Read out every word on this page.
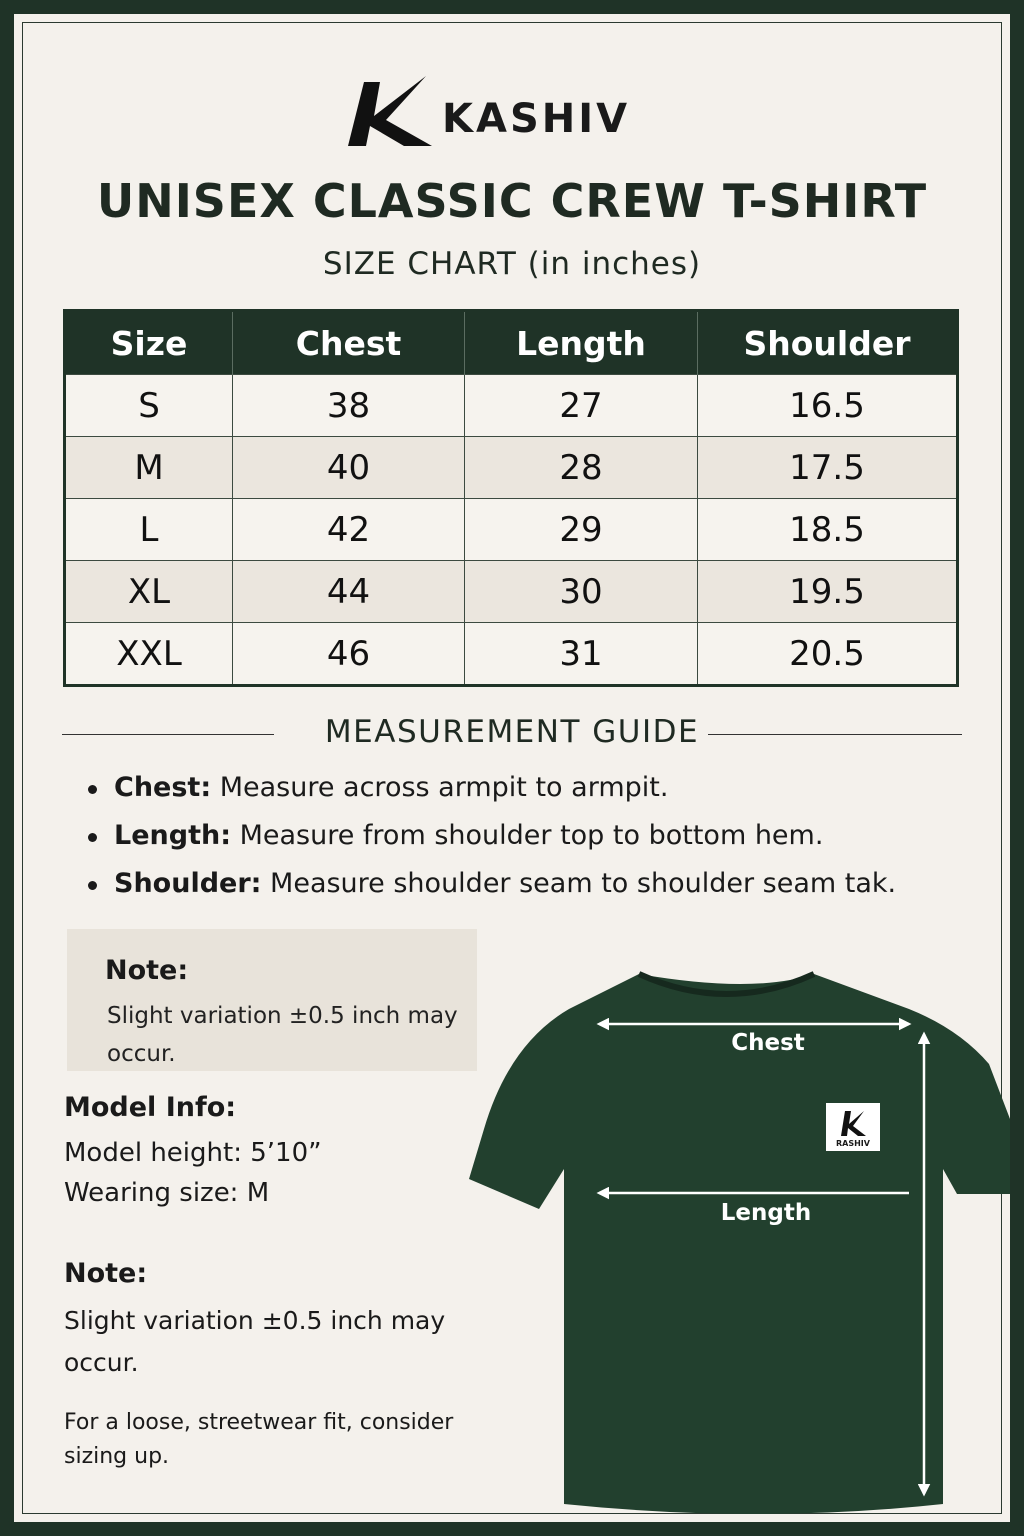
KASHIV
UNISEX CLASSIC CREW T-SHIRT
SIZE CHART (in inches)
Size	Chest	Length	Shoulder
S	38	27	16.5
M	40	28	17.5
L	42	29	18.5
XL	44	30	19.5
XXL	46	31	20.5
MEASUREMENT GUIDE
Chest: Measure across armpit to armpit.
Length: Measure from shoulder top to bottom hem.
Shoulder: Measure shoulder seam to shoulder seam tak.
Note:
Slight variation ±0.5 inch may occur.
Model Info:
Model height: 5’10”
Wearing size: M
Note:
Slight variation ±0.5 inch may occur.
For a loose, streetwear fit, consider sizing up.
Chest
Length
RASHIV
